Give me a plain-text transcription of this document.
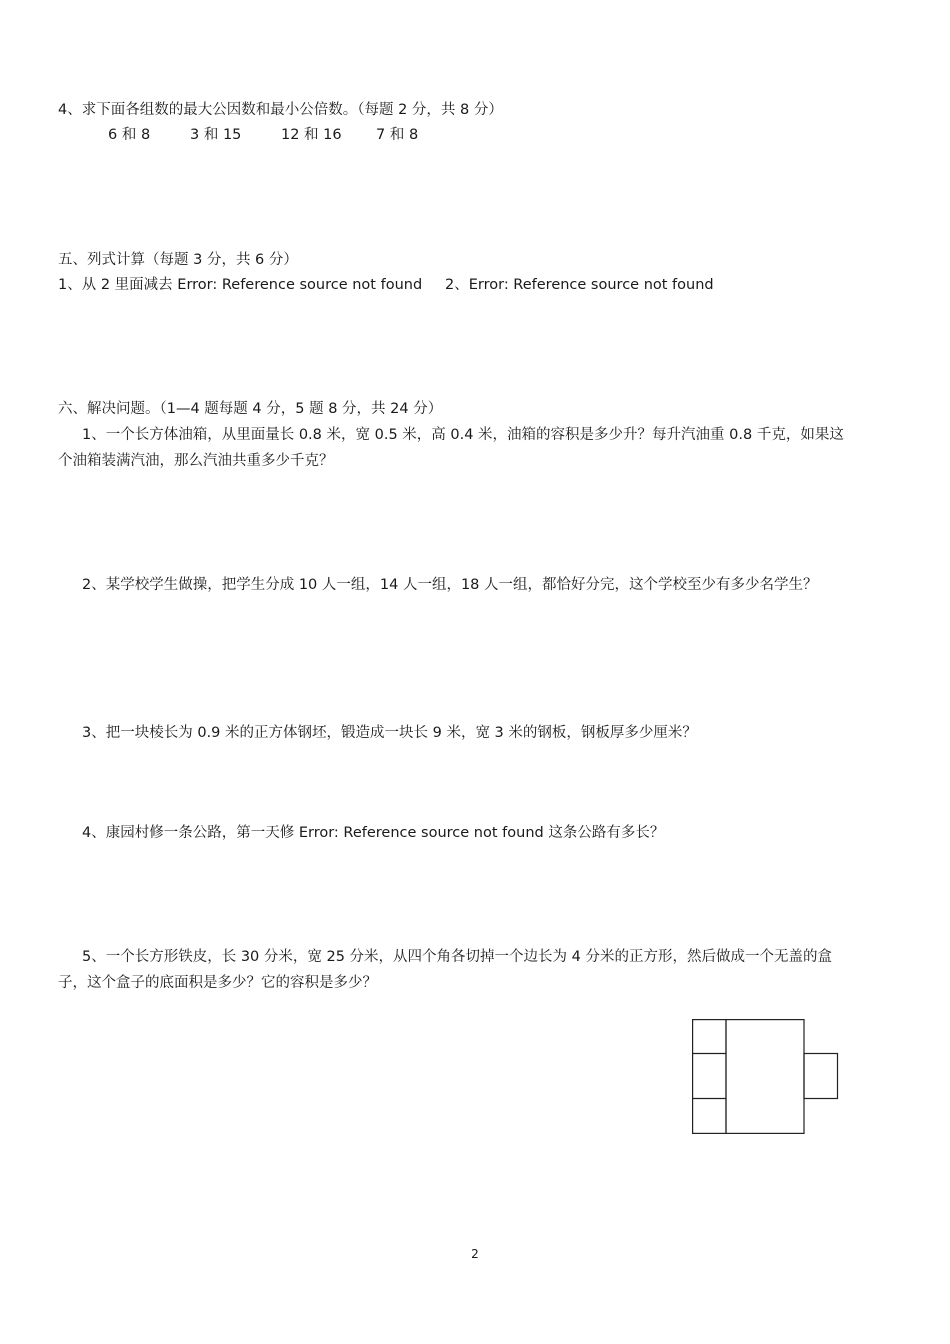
4、求下面各组数的最大公因数和最小公倍数。（每题 2 分，共 8 分）
6 和 8	3 和 15	12 和 16 7 和 8
五、列式计算（每题 3 分，共 6 分）
1、从 2 里面减去 Error: Reference source not found 2、Error: Reference source not found
六、解决问题。（1—4 题每题 4 分，5 题 8 分，共 24 分）
1、一个长方体油箱，从里面量长 0.8 米，宽 0.5 米，高 0.4 米，油箱的容积是多少升？每升汽油重 0.8 千克，如果这
个油箱装满汽油，那么汽油共重多少千克？
2、某学校学生做操，把学生分成 10 人一组，14 人一组，18 人一组，都恰好分完，这个学校至少有多少名学生？
3、把一块棱长为 0.9 米的正方体钢坯，锻造成一块长 9 米，宽 3 米的钢板，钢板厚多少厘米？
4、康园村修一条公路，第一天修 Error: Reference source not found 这条公路有多长？
5、一个长方形铁皮，长 30 分米，宽 25 分米，从四个角各切掉一个边长为 4 分米的正方形，然后做成一个无盖的盒
子，这个盒子的底面积是多少？它的容积是多少？
2
